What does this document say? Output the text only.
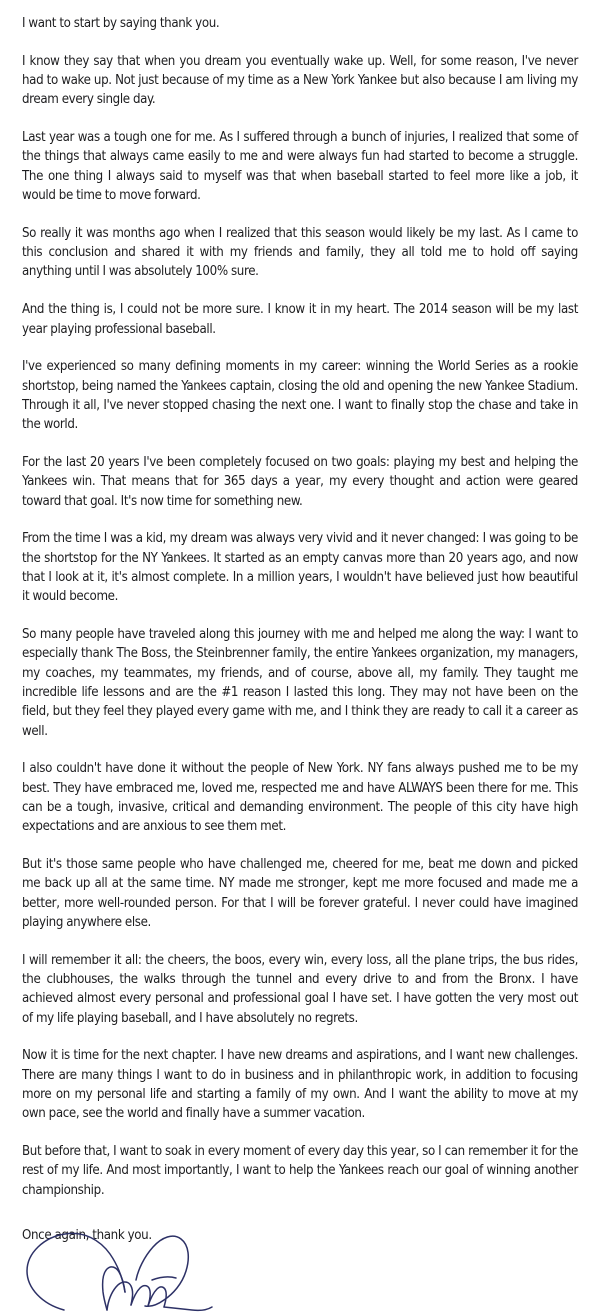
I want to start by saying thank you.

I know they say that when you dream you eventually wake up. Well, for some reason, I've never had to wake up. Not just because of my time as a New York Yankee but also because I am living my dream every single day.

Last year was a tough one for me. As I suffered through a bunch of injuries, I realized that some of the things that always came easily to me and were always fun had started to become a struggle. The one thing I always said to myself was that when baseball started to feel more like a job, it would be time to move forward.

So really it was months ago when I realized that this season would likely be my last. As I came to this conclusion and shared it with my friends and family, they all told me to hold off saying anything until I was absolutely 100% sure.

And the thing is, I could not be more sure. I know it in my heart. The 2014 season will be my last year playing professional baseball.

I've experienced so many defining moments in my career: winning the World Series as a rookie shortstop, being named the Yankees captain, closing the old and opening the new Yankee Stadium. Through it all, I've never stopped chasing the next one. I want to finally stop the chase and take in the world.

For the last 20 years I've been completely focused on two goals: playing my best and helping the Yankees win. That means that for 365 days a year, my every thought and action were geared toward that goal. It's now time for something new.

From the time I was a kid, my dream was always very vivid and it never changed: I was going to be the shortstop for the NY Yankees. It started as an empty canvas more than 20 years ago, and now that I look at it, it's almost complete. In a million years, I wouldn't have believed just how beautiful it would become.

So many people have traveled along this journey with me and helped me along the way: I want to especially thank The Boss, the Steinbrenner family, the entire Yankees organization, my managers, my coaches, my teammates, my friends, and of course, above all, my family. They taught me incredible life lessons and are the #1 reason I lasted this long. They may not have been on the field, but they feel they played every game with me, and I think they are ready to call it a career as well.

I also couldn't have done it without the people of New York. NY fans always pushed me to be my best. They have embraced me, loved me, respected me and have ALWAYS been there for me. This can be a tough, invasive, critical and demanding environment. The people of this city have high expectations and are anxious to see them met.

But it's those same people who have challenged me, cheered for me, beat me down and picked me back up all at the same time. NY made me stronger, kept me more focused and made me a better, more well-rounded person. For that I will be forever grateful. I never could have imagined playing anywhere else.

I will remember it all: the cheers, the boos, every win, every loss, all the plane trips, the bus rides, the clubhouses, the walks through the tunnel and every drive to and from the Bronx. I have achieved almost every personal and professional goal I have set. I have gotten the very most out of my life playing baseball, and I have absolutely no regrets.

Now it is time for the next chapter. I have new dreams and aspirations, and I want new challenges. There are many things I want to do in business and in philanthropic work, in addition to focusing more on my personal life and starting a family of my own. And I want the ability to move at my own pace, see the world and finally have a summer vacation.

But before that, I want to soak in every moment of every day this year, so I can remember it for the rest of my life. And most importantly, I want to help the Yankees reach our goal of winning another championship.

Once again, thank you.
